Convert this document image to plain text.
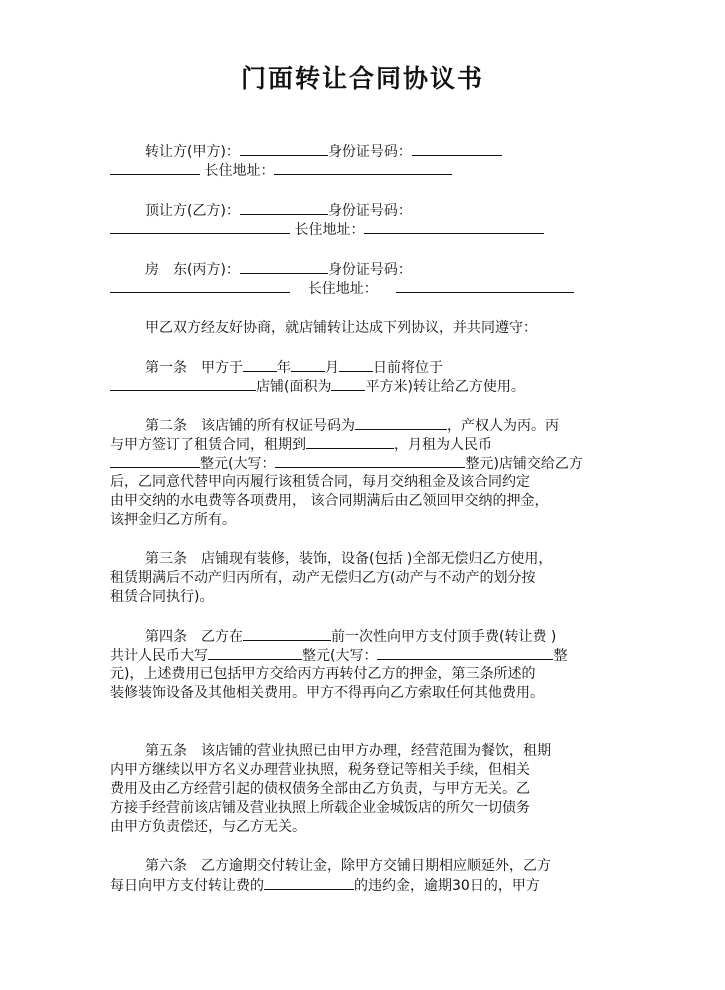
门面转让合同协议书
转让方(甲方)：	身份证号码：
长住地址：
顶让方(乙方)：	身份证号码：
长住地址：
房　东(丙方)：	身份证号码：
长住地址：
甲乙双方经友好协商，就店铺转让达成下列协议，并共同遵守：
第一条　甲方于 年 月 日前将位于
店铺(面积为 平方米)转让给乙方使用。
第二条　该店铺的所有权证号码为	，产权人为丙。丙
与甲方签订了租赁合同，租期到	，月租为人民币
整元(大写：	整元)店铺交给乙方
后，乙同意代替甲向丙履行该租赁合同，每月交纳租金及该合同约定
由甲交纳的水电费等各项费用， 该合同期满后由乙领回甲交纳的押金，
该押金归乙方所有。
第三条　店铺现有装修，装饰，设备(包括 )全部无偿归乙方使用，
租赁期满后不动产归丙所有，动产无偿归乙方(动产与不动产的划分按
租赁合同执行)。
第四条　乙方在	前一次性向甲方支付顶手费(转让费 )
共计人民币大写	整元(大写：	整
元)，上述费用已包括甲方交给丙方再转付乙方的押金，第三条所述的
装修装饰设备及其他相关费用。甲方不得再向乙方索取任何其他费用。
第五条　该店铺的营业执照已由甲方办理，经营范围为餐饮，租期
内甲方继续以甲方名义办理营业执照，税务登记等相关手续，但相关
费用及由乙方经营引起的债权债务全部由乙方负责，与甲方无关。乙
方接手经营前该店铺及营业执照上所载企业金城饭店的所欠一切债务
由甲方负责偿还，与乙方无关。
第六条　乙方逾期交付转让金，除甲方交铺日期相应顺延外，乙方
每日向甲方支付转让费的	的违约金，逾期30日的，甲方
